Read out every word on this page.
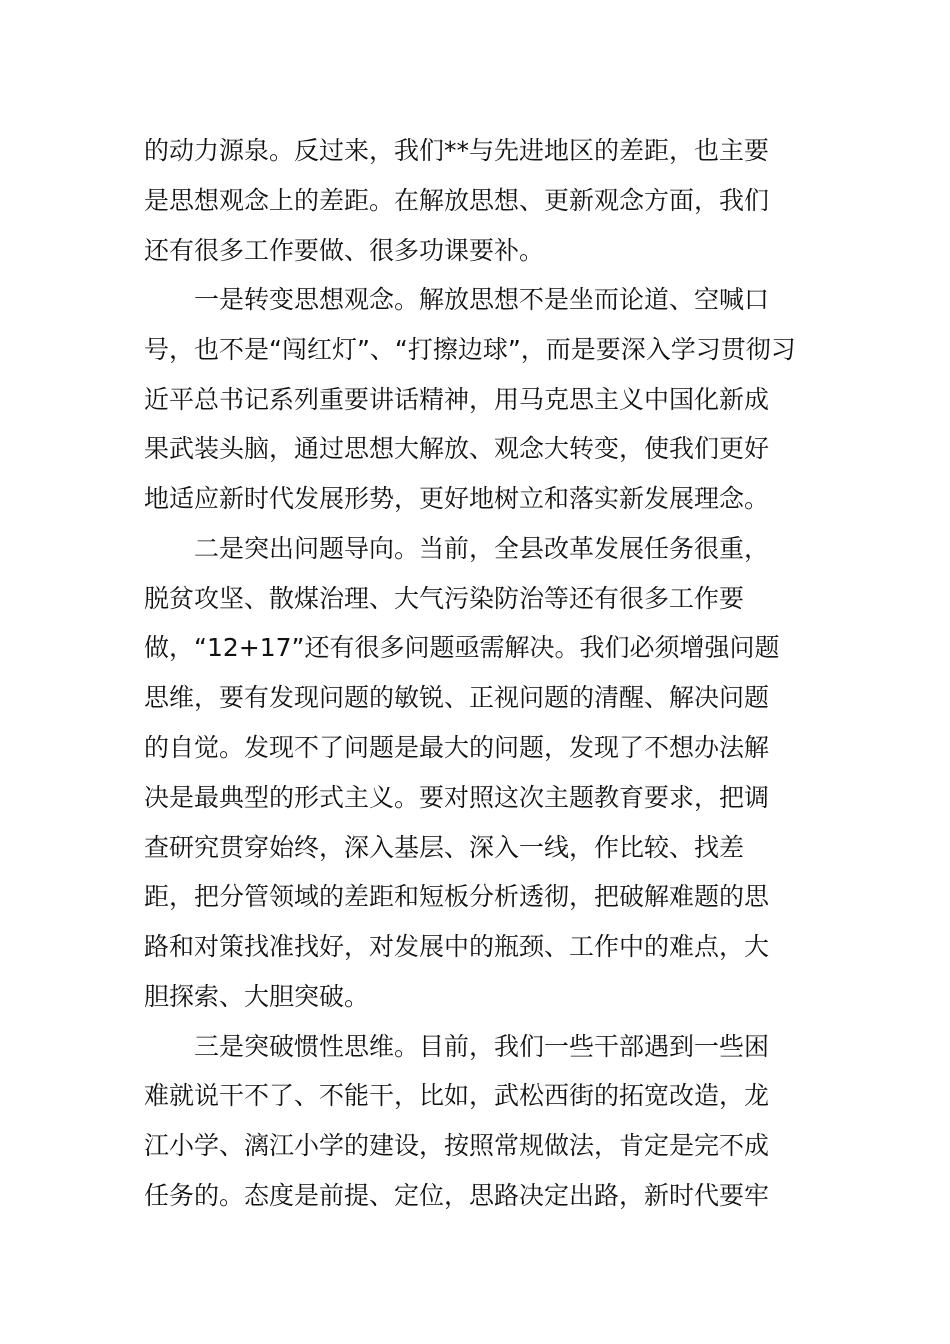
的动力源泉。反过来，我们**与先进地区的差距，也主要
是思想观念上的差距。在解放思想、更新观念方面，我们
还有很多工作要做、很多功课要补。
一是转变思想观念。解放思想不是坐而论道、空喊口
号，也不是“闯红灯”、“打擦边球”，而是要深入学习贯彻习
近平总书记系列重要讲话精神，用马克思主义中国化新成
果武装头脑，通过思想大解放、观念大转变，使我们更好
地适应新时代发展形势，更好地树立和落实新发展理念。
二是突出问题导向。当前，全县改革发展任务很重，
脱贫攻坚、散煤治理、大气污染防治等还有很多工作要
做，“12+17”还有很多问题亟需解决。我们必须增强问题
思维，要有发现问题的敏锐、正视问题的清醒、解决问题
的自觉。发现不了问题是最大的问题，发现了不想办法解
决是最典型的形式主义。要对照这次主题教育要求，把调
查研究贯穿始终，深入基层、深入一线，作比较、找差
距，把分管领域的差距和短板分析透彻，把破解难题的思
路和对策找准找好，对发展中的瓶颈、工作中的难点，大
胆探索、大胆突破。
三是突破惯性思维。目前，我们一些干部遇到一些困
难就说干不了、不能干，比如，武松西街的拓宽改造，龙
江小学、漓江小学的建设，按照常规做法，肯定是完不成
任务的。态度是前提、定位，思路决定出路，新时代要牢
